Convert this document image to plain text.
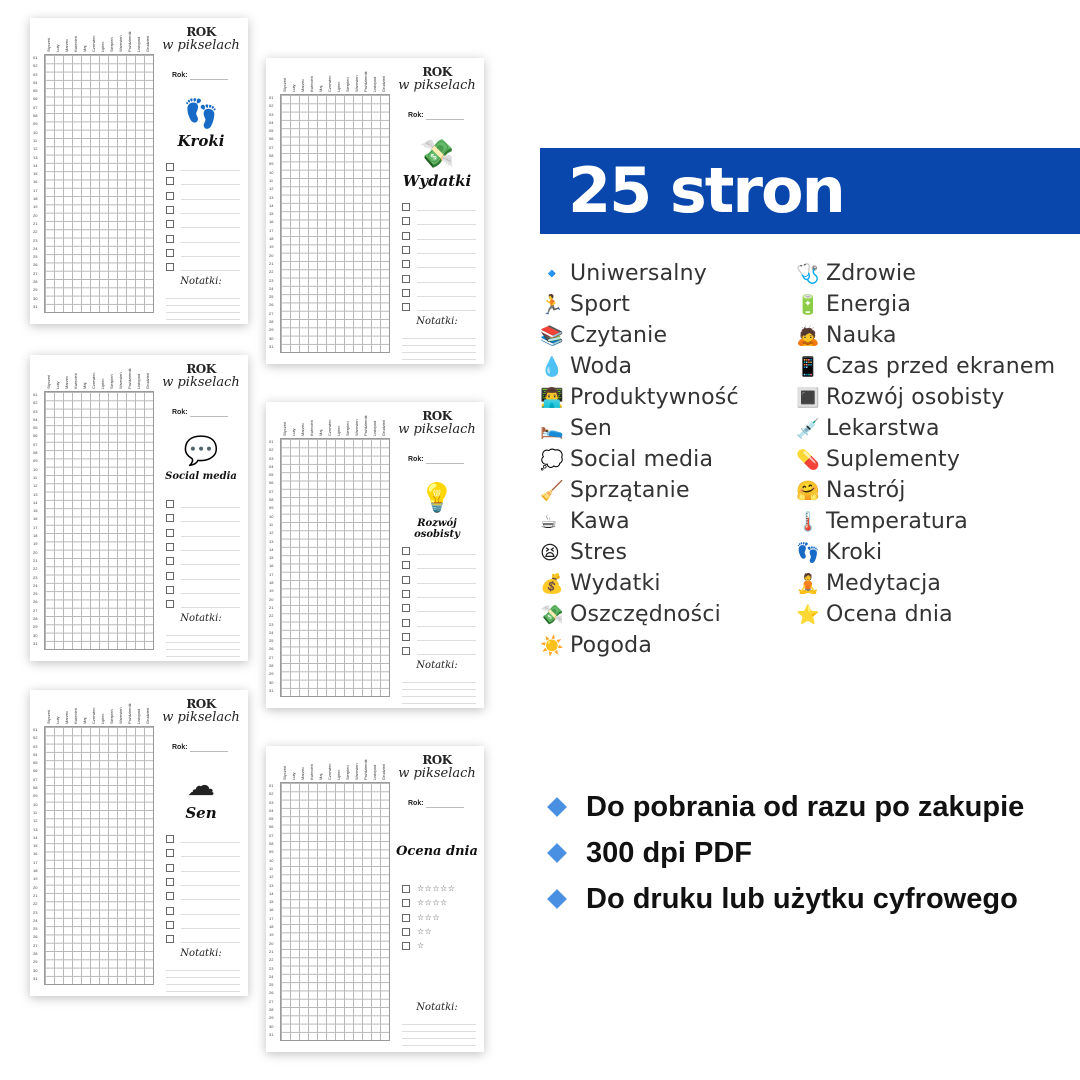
Styczeń	Luty	Marzec	Kwiecień	Maj	Czerwiec	Lipiec	Sierpień	Wrzesień	Październik	Listopad	Grudzień
01
02
03
04
05
06
07
08
09
10
11
12
13
14
15
16
17
18
19
20
21
22
23
24
25
26
27
28
29
30
31
ROK
w pikselach
Rok:
👣
Kroki
Notatki:
Styczeń	Luty	Marzec	Kwiecień	Maj	Czerwiec	Lipiec	Sierpień	Wrzesień	Październik	Listopad	Grudzień
01
02
03
04
05
06
07
08
09
10
11
12
13
14
15
16
17
18
19
20
21
22
23
24
25
26
27
28
29
30
31
ROK
w pikselach
Rok:
💸
Wydatki
Notatki:
Styczeń	Luty	Marzec	Kwiecień	Maj	Czerwiec	Lipiec	Sierpień	Wrzesień	Październik	Listopad	Grudzień
01
02
03
04
05
06
07
08
09
10
11
12
13
14
15
16
17
18
19
20
21
22
23
24
25
26
27
28
29
30
31
ROK
w pikselach
Rok:
💬
Social media
Notatki:
Styczeń	Luty	Marzec	Kwiecień	Maj	Czerwiec	Lipiec	Sierpień	Wrzesień	Październik	Listopad	Grudzień
01
02
03
04
05
06
07
08
09
10
11
12
13
14
15
16
17
18
19
20
21
22
23
24
25
26
27
28
29
30
31
ROK
w pikselach
Rok:
💡
Rozwój osobisty
Notatki:
Styczeń	Luty	Marzec	Kwiecień	Maj	Czerwiec	Lipiec	Sierpień	Wrzesień	Październik	Listopad	Grudzień
01
02
03
04
05
06
07
08
09
10
11
12
13
14
15
16
17
18
19
20
21
22
23
24
25
26
27
28
29
30
31
ROK
w pikselach
Rok:
☁
Sen
Notatki:
Styczeń	Luty	Marzec	Kwiecień	Maj	Czerwiec	Lipiec	Sierpień	Wrzesień	Październik	Listopad	Grudzień
01
02
03
04
05
06
07
08
09
10
11
12
13
14
15
16
17
18
19
20
21
22
23
24
25
26
27
28
29
30
31
ROK
w pikselach
Rok:
Ocena dnia
☆☆☆☆☆
☆☆☆☆
☆☆☆
☆☆
☆
Notatki:
25 stron
🔹 Uniwersalny
🏃 Sport
📚 Czytanie
💧 Woda
👨‍💻 Produktywność
🛌 Sen
💭 Social media
🧹 Sprzątanie
☕ Kawa
😫 Stres
💰 Wydatki
💸 Oszczędności
☀️ Pogoda
🩺 Zdrowie
🔋 Energia
🙇 Nauka
📱 Czas przed ekranem
🔳 Rozwój osobisty
💉 Lekarstwa
💊 Suplementy
🤗 Nastrój
🌡️ Temperatura
👣 Kroki
🧘 Medytacja
⭐ Ocena dnia
Do pobrania od razu po zakupie
300 dpi PDF
Do druku lub użytku cyfrowego
